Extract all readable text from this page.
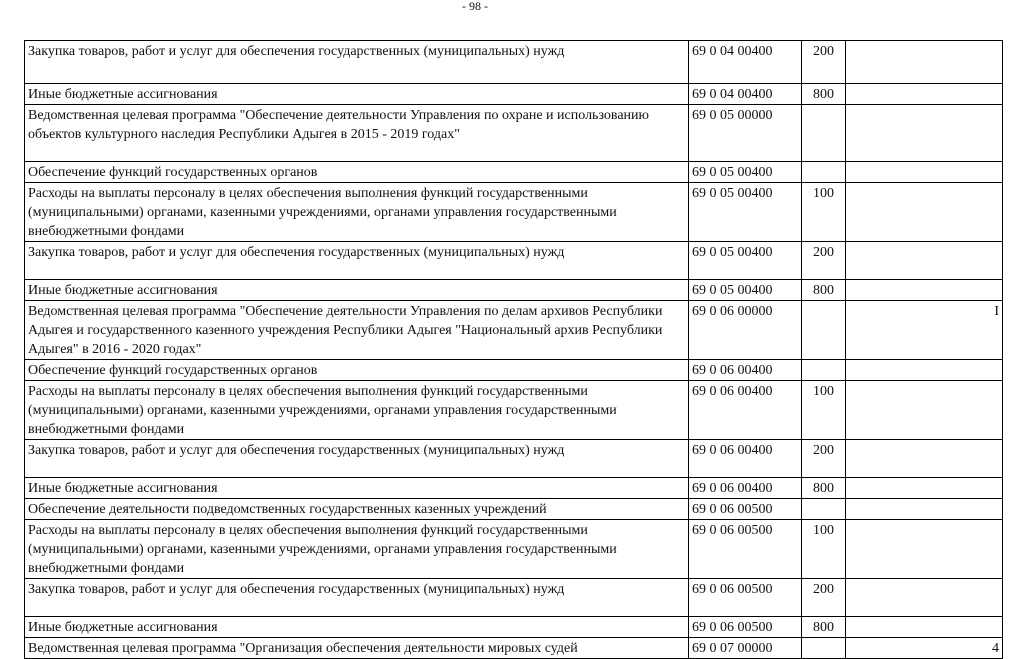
- 98 -
Закупка товаров, работ и услуг для обеспечения государственных (муниципальных) нужд	69 0 04 00400	200	
Иные бюджетные ассигнования	69 0 04 00400	800	
Ведомственная целевая программа "Обеспечение деятельности Управления по охране и использованию объектов культурного наследия Республики Адыгея в 2015 - 2019 годах"	69 0 05 00000		
Обеспечение функций государственных органов	69 0 05 00400		
Расходы на выплаты персоналу в целях обеспечения выполнения функций государственными (муниципальными) органами, казенными учреждениями, органами управления государственными внебюджетными фондами	69 0 05 00400	100	
Закупка товаров, работ и услуг для обеспечения государственных (муниципальных) нужд	69 0 05 00400	200	
Иные бюджетные ассигнования	69 0 05 00400	800	
Ведомственная целевая программа "Обеспечение деятельности Управления по делам архивов Республики Адыгея и государственного казенного учреждения Республики Адыгея "Национальный архив Республики Адыгея" в 2016 - 2020 годах"	69 0 06 00000		I
Обеспечение функций государственных органов	69 0 06 00400		
Расходы на выплаты персоналу в целях обеспечения выполнения функций государственными (муниципальными) органами, казенными учреждениями, органами управления государственными внебюджетными фондами	69 0 06 00400	100	
Закупка товаров, работ и услуг для обеспечения государственных (муниципальных) нужд	69 0 06 00400	200	
Иные бюджетные ассигнования	69 0 06 00400	800	
Обеспечение деятельности подведомственных государственных казенных учреждений	69 0 06 00500		
Расходы на выплаты персоналу в целях обеспечения выполнения функций государственными (муниципальными) органами, казенными учреждениями, органами управления государственными внебюджетными фондами	69 0 06 00500	100	
Закупка товаров, работ и услуг для обеспечения государственных (муниципальных) нужд	69 0 06 00500	200	
Иные бюджетные ассигнования	69 0 06 00500	800	
Ведомственная целевая программа "Организация обеспечения деятельности мировых судей	69 0 07 00000		4
